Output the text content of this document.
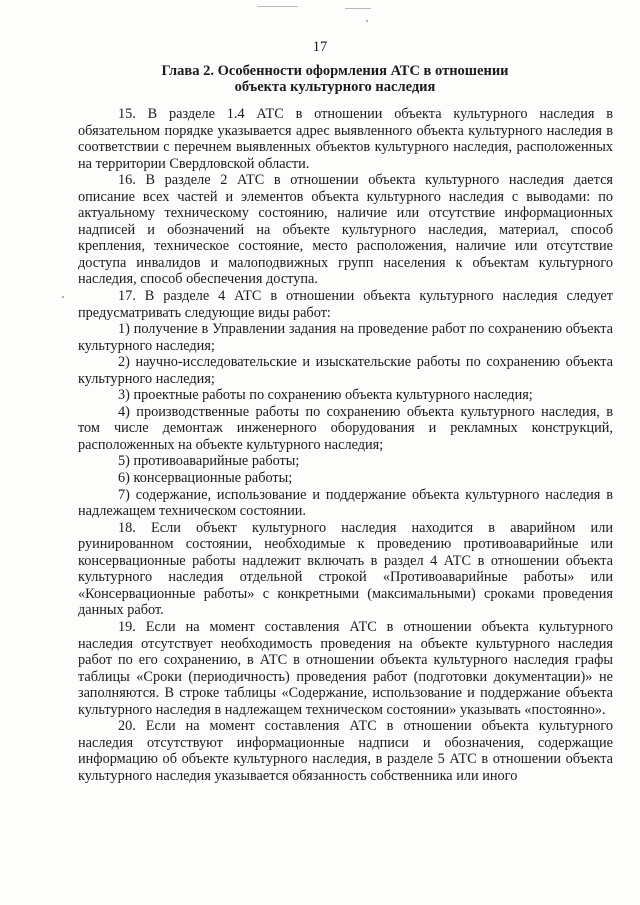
17
Глава 2. Особенности оформления АТС в отношении
объекта культурного наследия

15. В разделе 1.4 АТС в отношении объекта культурного наследия в обязательном порядке указывается адрес выявленного объекта культурного наследия в соответствии с перечнем выявленных объектов культурного наследия, расположенных на территории Свердловской области.

16. В разделе 2 АТС в отношении объекта культурного наследия дается описание всех частей и элементов объекта культурного наследия с выводами: по актуальному техническому состоянию, наличие или отсутствие информационных надписей и обозначений на объекте культурного наследия, материал, способ крепления, техническое состояние, место расположения, наличие или отсутствие доступа инвалидов и малоподвижных групп населения к объектам культурного наследия, способ обеспечения доступа.

17. В разделе 4 АТС в отношении объекта культурного наследия следует предусматривать следующие виды работ:

1) получение в Управлении задания на проведение работ по сохранению объекта культурного наследия;

2) научно-исследовательские и изыскательские работы по сохранению объекта культурного наследия;

3) проектные работы по сохранению объекта культурного наследия;

4) производственные работы по сохранению объекта культурного наследия, в том числе демонтаж инженерного оборудования и рекламных конструкций, расположенных на объекте культурного наследия;

5) противоаварийные работы;

6) консервационные работы;

7) содержание, использование и поддержание объекта культурного наследия в надлежащем техническом состоянии.

18. Если объект культурного наследия находится в аварийном или руинированном состоянии, необходимые к проведению противоаварийные или консервационные работы надлежит включать в раздел 4 АТС в отношении объекта культурного наследия отдельной строкой «Противоаварийные работы» или «Консервационные работы» с конкретными (максимальными) сроками проведения данных работ.

19. Если на момент составления АТС в отношении объекта культурного наследия отсутствует необходимость проведения на объекте культурного наследия работ по его сохранению, в АТС в отношении объекта культурного наследия графы таблицы «Сроки (периодичность) проведения работ (подготовки документации)» не заполняются. В строке таблицы «Содержание, использование и поддержание объекта культурного наследия в надлежащем техническом состоянии» указывать «постоянно».

20. Если на момент составления АТС в отношении объекта культурного наследия отсутствуют информационные надписи и обозначения, содержащие информацию об объекте культурного наследия, в разделе 5 АТС в отношении объекта культурного наследия указывается обязанность собственника или иного
